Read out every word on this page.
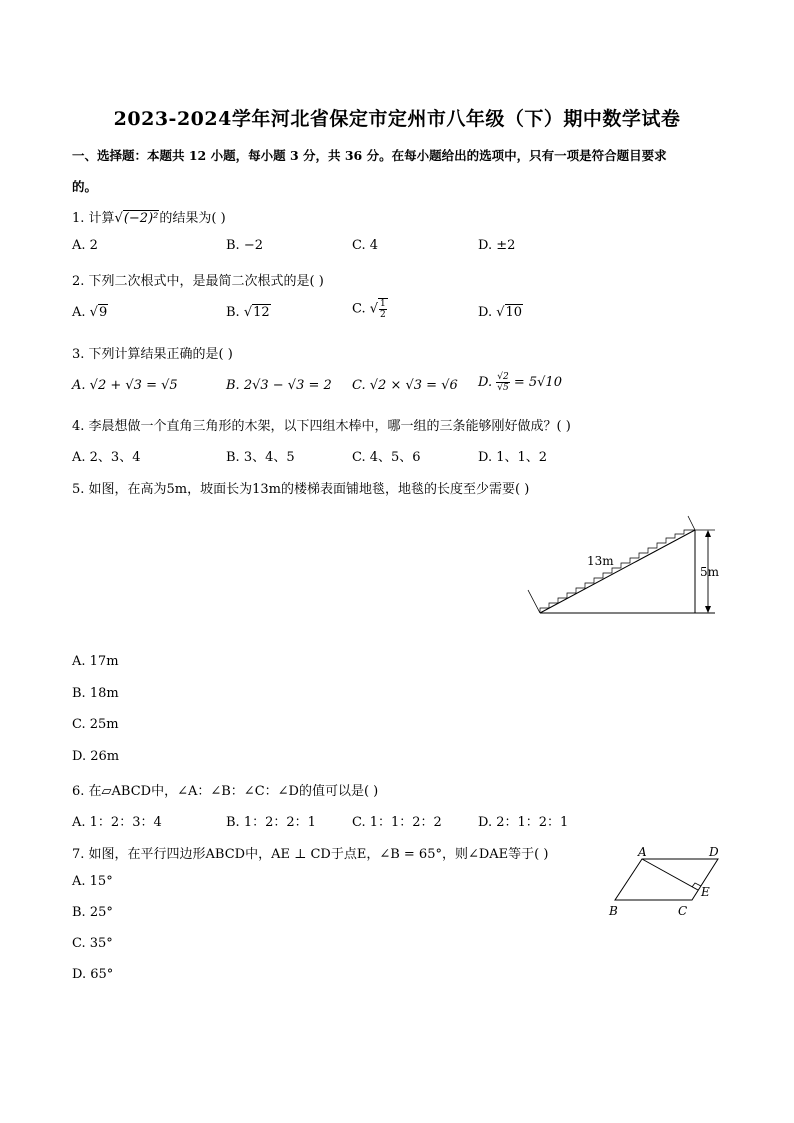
2023-2024学年河北省保定市定州市八年级（下）期中数学试卷
一、选择题：本题共 12 小题，每小题 3 分，共 36 分。在每小题给出的选项中，只有一项是符合题目要求
的。
1. 计算√(−2)²的结果为( )
A. 2	B. −2	C. 4	D. ±2
2. 下列二次根式中，是最简二次根式的是( )
A. √9	B. √12	C. √ $\frac{1}{2}$	D. √10
3. 下列计算结果正确的是( )
A. √2 + √3 = √5	B. 2√3 − √3 = 2 C. √2 × √3 = √6 D. $\frac{√2}{√5} = 5√10$
4. 李晨想做一个直角三角形的木架，以下四组木棒中，哪一组的三条能够刚好做成？( )
A. 2、3、4	B. 3、4、5	C. 4、5、6	D. 1、1、2
5. 如图，在高为5m，坡面长为13m的楼梯表面铺地毯，地毯的长度至少需要( )
13m
5m
A. 17m
B. 18m
C. 25m
D. 26m
6. 在▱ABCD中，∠A：∠B：∠C：∠D的值可以是( )
A. 1：2：3：4	B. 1：2：2：1	C. 1：1：2：2	D. 2：1：2：1
7. 如图，在平行四边形ABCD中，AE ⊥ CD于点E，∠B = 65°，则∠DAE等于( )	A	D
E
B	C
A. 15°
B. 25°
C. 35°
D. 65°
